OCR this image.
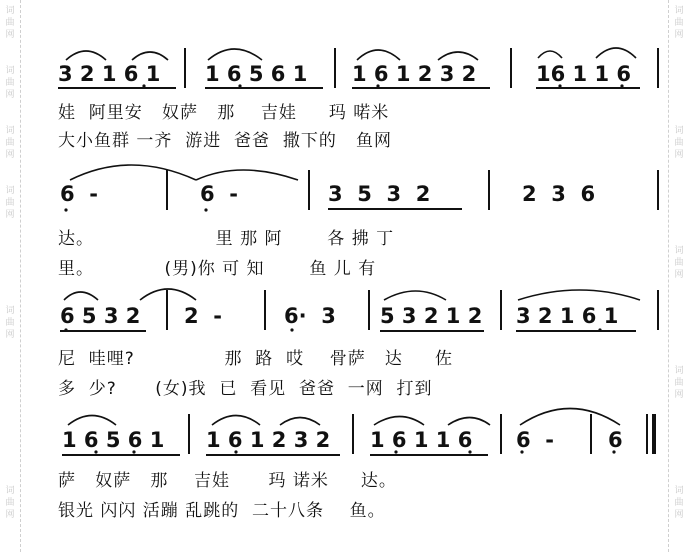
词
曲
网
词
曲
网
词
曲
网
词
曲
网
词
曲
网
词
曲
网
词
曲
网
词
曲
网
词
曲
网
词
曲
网
词
曲
网
3 2 1 6 1 1 6 5 6 1 1 6 1 2 3 2	16 1 1 6
娃  阿里安   奴萨   那    吉娃     玛 喏米
大小鱼群 一齐  游进  爸爸  撒下的   鱼网
6  -	6  -	3  5  3  2	2  3  6
达。                   里 那 阿       各 拂 丁
里。           (男)你 可 知       鱼 儿 有
6 5 3 2 2  -	6·  3 5 3 2 1 2 3 2 1 6 1
尼  哇哩?              那  路  哎    骨萨   达     佐
多  少?      (女)我  已  看见  爸爸  一网  打到
1 6 5 6 1 1 6 1 2 3 2 1 6 1 1 6 6  -	6
萨   奴萨   那    吉娃      玛 诺米     达。
银光 闪闪 活蹦 乱跳的  二十八条    鱼。
